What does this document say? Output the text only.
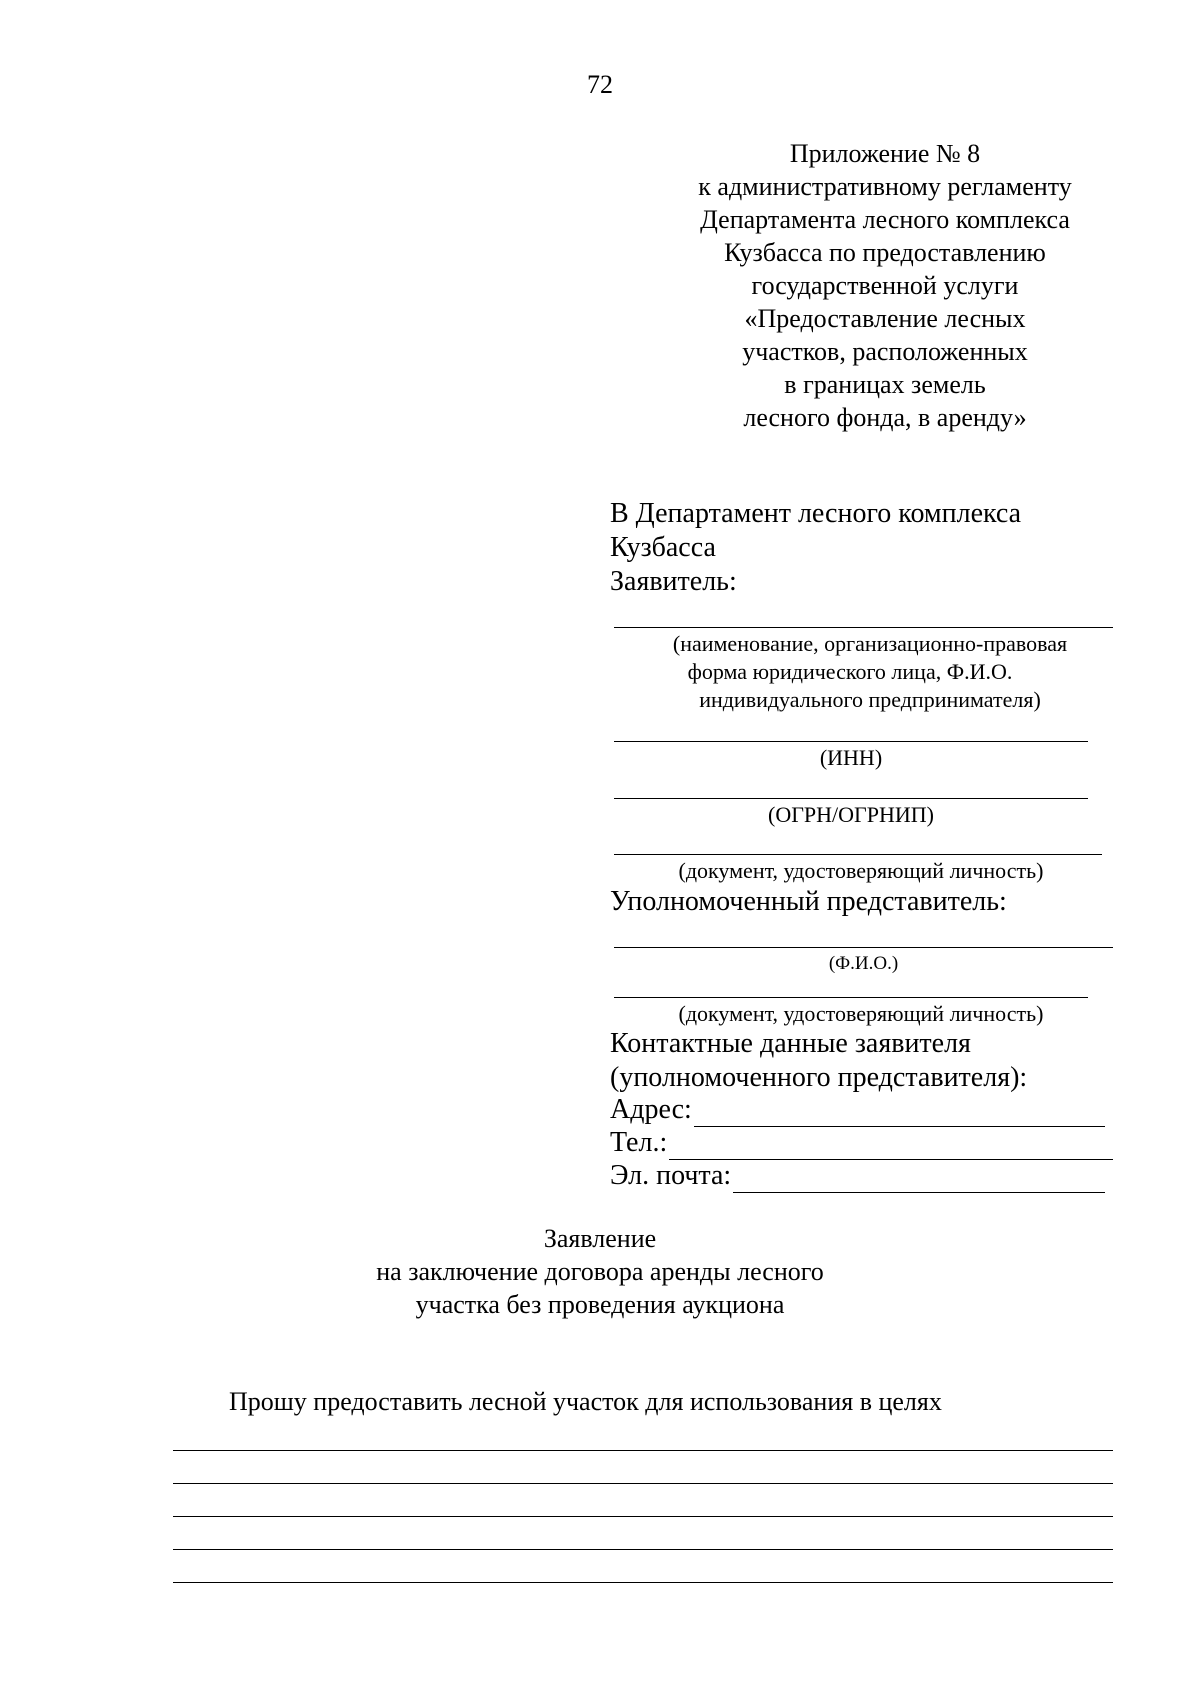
72
Приложение № 8
к административному регламенту
Департамента лесного комплекса
Кузбасса по предоставлению
государственной услуги
«Предоставление лесных
участков, расположенных
в границах земель
лесного фонда, в аренду»
В Департамент лесного комплекса
Кузбасса
Заявитель:
(наименование, организационно-правовая
форма юридического лица, Ф.И.О.
индивидуального предпринимателя)
(ИНН)
(ОГРН/ОГРНИП)
(документ, удостоверяющий личность)
Уполномоченный представитель:
(Ф.И.О.)
(документ, удостоверяющий личность)
Контактные данные заявителя
(уполномоченного представителя):
Адрес:
Тел.:
Эл. почта:
Заявление
на заключение договора аренды лесного
участка без проведения аукциона
Прошу предоставить лесной участок для использования в целях
